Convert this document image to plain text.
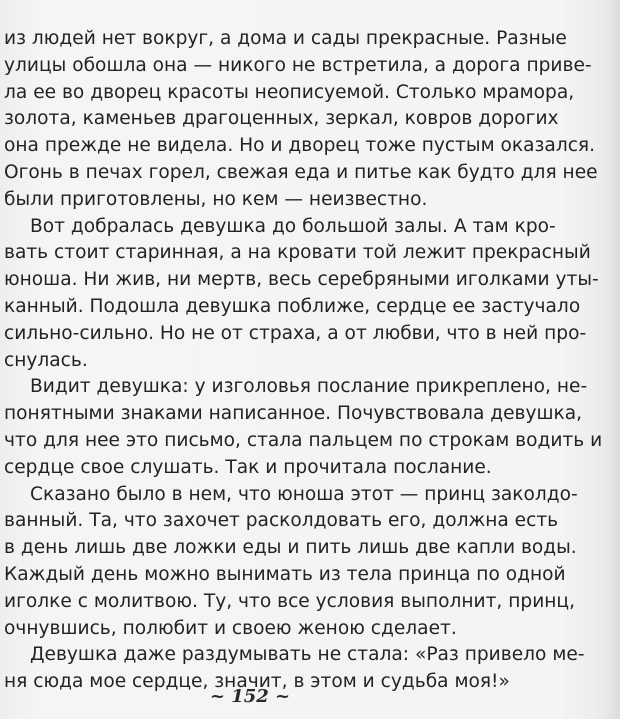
из людей нет вокруг, а дома и сады прекрасные. Разные
улицы обошла она — никого не встретила, а дорога приве-
ла ее во дворец красоты неописуемой. Столько мрамора,
золота, каменьев драгоценных, зеркал, ковров дорогих
она прежде не видела. Но и дворец тоже пустым оказался.
Огонь в печах горел, свежая еда и питье как будто для нее
были приготовлены, но кем — неизвестно.
Вот добралась девушка до большой залы. А там кро-
вать стоит старинная, а на кровати той лежит прекрасный
юноша. Ни жив, ни мертв, весь серебряными иголками уты-
канный. Подошла девушка поближе, сердце ее застучало
сильно-сильно. Но не от страха, а от любви, что в ней про-
снулась.
Видит девушка: у изголовья послание прикреплено, не-
понятными знаками написанное. Почувствовала девушка,
что для нее это письмо, стала пальцем по строкам водить и
сердце свое слушать. Так и прочитала послание.
Сказано было в нем, что юноша этот — принц заколдо-
ванный. Та, что захочет расколдовать его, должна есть
в день лишь две ложки еды и пить лишь две капли воды.
Каждый день можно вынимать из тела принца по одной
иголке с молитвою. Ту, что все условия выполнит, принц,
очнувшись, полюбит и своею женою сделает.
Девушка даже раздумывать не стала: «Раз привело ме-
ня сюда мое сердце, значит, в этом и судьба моя!»
~ 152 ~
